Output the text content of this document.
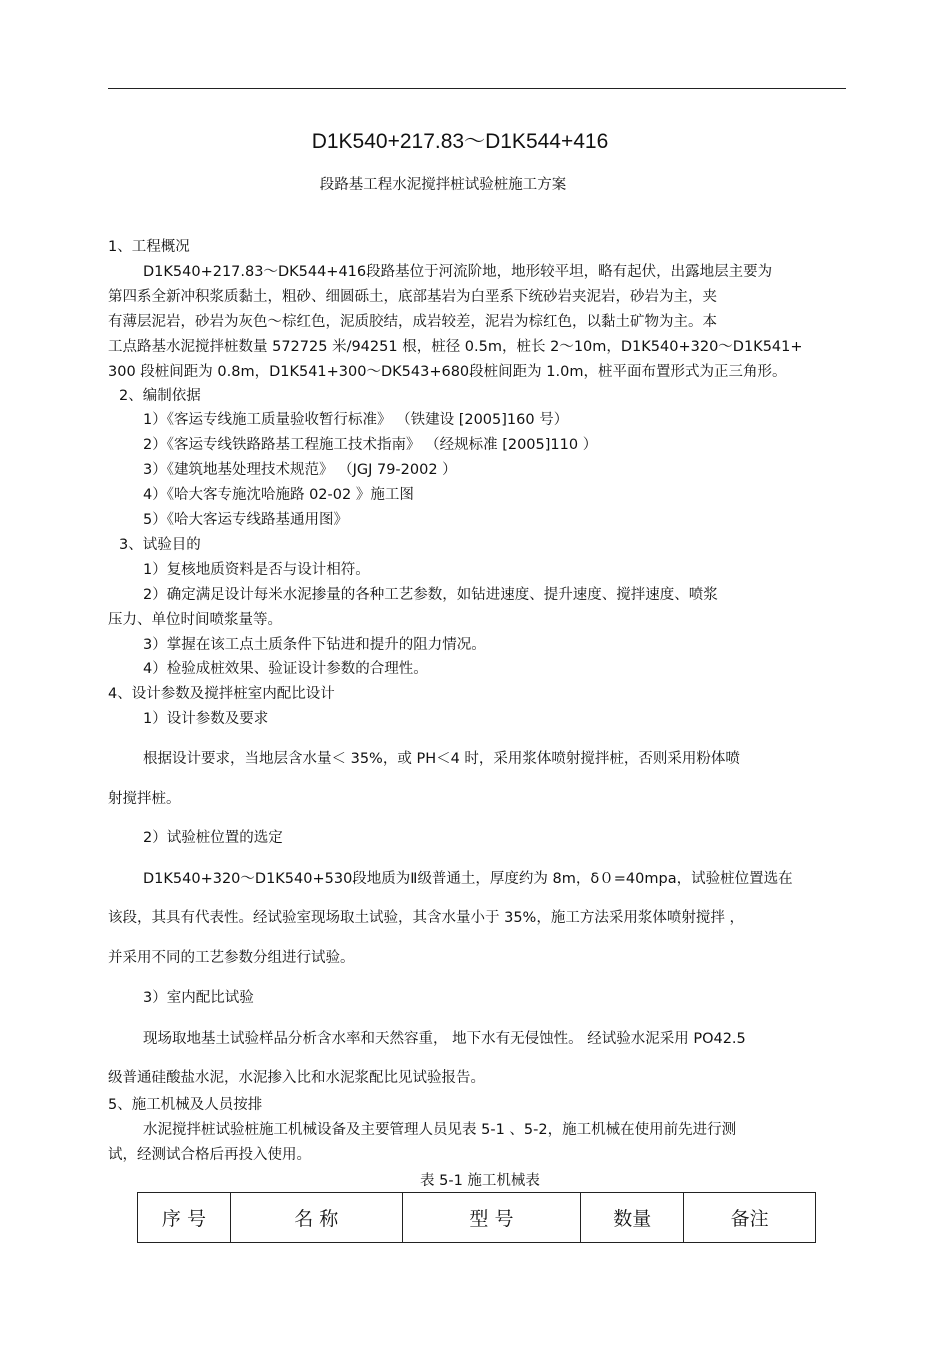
D1K540+217.83～D1K544+416
段路基工程水泥搅拌桩试验桩施工方案
1、工程概况
D1K540+217.83～DK544+416段路基位于河流阶地，地形较平坦，略有起伏，出露地层主要为
第四系全新冲积浆质黏土，粗砂、细圆砾土，底部基岩为白垩系下统砂岩夹泥岩，砂岩为主，夹
有薄层泥岩，砂岩为灰色～棕红色，泥质胶结，成岩较差，泥岩为棕红色，以黏土矿物为主。本
工点路基水泥搅拌桩数量 572725 米/94251 根，桩径 0.5m，桩长 2～10m，D1K540+320～D1K541+
300 段桩间距为 0.8m，D1K541+300～DK543+680段桩间距为 1.0m，桩平面布置形式为正三角形。
2、编制依据
1）《客运专线施工质量验收暂行标准》 （铁建设 [2005]160 号）
2）《客运专线铁路路基工程施工技术指南》 （经规标准 [2005]110 ）
3）《建筑地基处理技术规范》 （JGJ 79-2002 ）
4）《哈大客专施沈哈施路 02-02 》施工图
5）《哈大客运专线路基通用图》
3、试验目的
1）复核地质资料是否与设计相符。
2）确定满足设计每米水泥掺量的各种工艺参数，如钻进速度、提升速度、搅拌速度、喷浆
压力、单位时间喷浆量等。
3）掌握在该工点土质条件下钻进和提升的阻力情况。
4）检验成桩效果、验证设计参数的合理性。
4、设计参数及搅拌桩室内配比设计
1）设计参数及要求
根据设计要求，当地层含水量＜ 35%，或 PH＜4 时，采用浆体喷射搅拌桩，否则采用粉体喷
射搅拌桩。
2）试验桩位置的选定
D1K540+320～D1K540+530段地质为Ⅱ级普通土，厚度约为 8m，δ０=40mpa，试验桩位置选在
该段，其具有代表性。经试验室现场取土试验，其含水量小于 35%，施工方法采用浆体喷射搅拌 ，
并采用不同的工艺参数分组进行试验。
3）室内配比试验
现场取地基土试验样品分析含水率和天然容重， 地下水有无侵蚀性。 经试验水泥采用 PO42.5
级普通硅酸盐水泥，水泥掺入比和水泥浆配比见试验报告。
5、施工机械及人员按排
水泥搅拌桩试验桩施工机械设备及主要管理人员见表 5-1 、5-2，施工机械在使用前先进行测
试，经测试合格后再投入使用。
表 5-1 施工机械表
序 号	名 称	型 号	数量	备注
